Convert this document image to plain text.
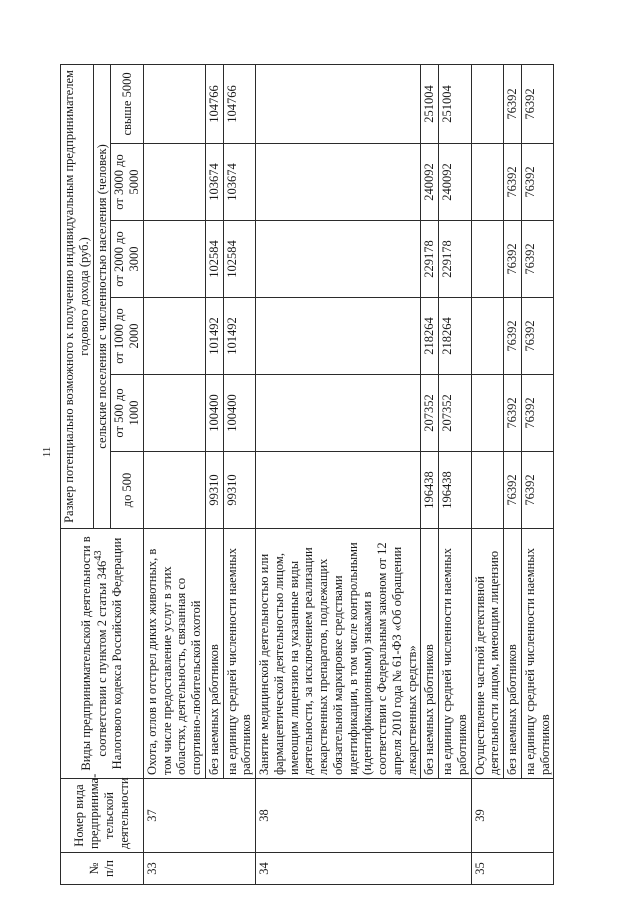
11
№ п/п	Номер вида предпринима-тельской деятельности	Виды предпринимательской деятельности в соответствии с пунктом 2 статьи $346^{43}$ Налогового кодекса Российской Федерации	Размер потенциально возможного к получению индивидуальным предпринимателем годового дохода (руб.)					
			сельские поселения с численностью населения (человек)					
			до 500	от 500 до 1000	от 1000 до 2000	от 2000 до 3000	от 3000 до 5000	свыше 5000
33	37	Охота, отлов и отстрел диких животных, в том числе предоставление услуг в этих областях, деятельность, связанная со спортивно-любительской охотой						
		без наемных работников	99310	100400	101492	102584	103674	104766
		на единицу средней численности наемных работников	99310	100400	101492	102584	103674	104766
34	38	Занятие медицинской деятельностью или фармацевтической деятельностью лицом, имеющим лицензию на указанные виды деятельности, за исключением реализации лекарственных препаратов, подлежащих обязательной маркировке средствами идентификации, в том числе контрольными (идентификационными) знаками в соответствии с Федеральным законом от 12 апреля 2010 года № 61-ФЗ «Об обращении лекарственных средств»						
		без наемных работников	196438	207352	218264	229178	240092	251004
		на единицу средней численности наемных работников	196438	207352	218264	229178	240092	251004
35	39	Осуществление частной детективной деятельности лицом, имеющим лицензию						
		без наемных работников	76392	76392	76392	76392	76392	76392
		на единицу средней численности наемных работников	76392	76392	76392	76392	76392	76392
